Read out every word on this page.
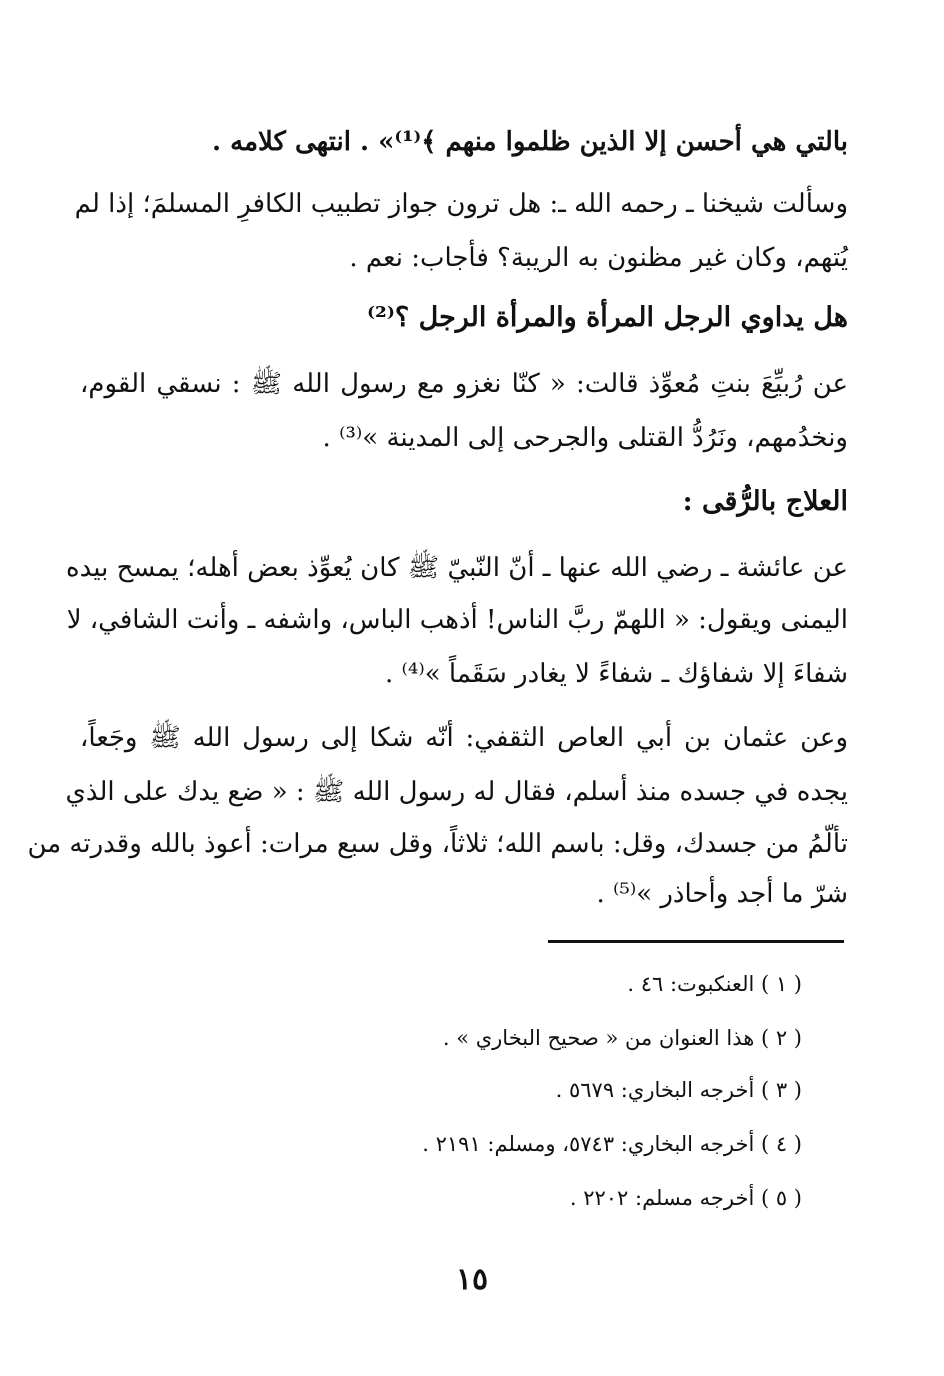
بالتي هي أحسن إلا الذين ظلموا منهم ﴾⁽¹⁾» . انتهى كلامه .
وسألت شيخنا ـ رحمه الله ـ: هل ترون جواز تطبيب الكافرِ المسلمَ؛ إذا لم
يُتهم، وكان غير مظنون به الريبة؟ فأجاب: نعم .
هل يداوي الرجل المرأة والمرأة الرجل ؟⁽²⁾
عن رُبيِّعَ بنتِ مُعوِّذ قالت: « كنّا نغزو مع رسول الله ﷺ : نسقي القوم،
ونخدُمهم، ونَرُدُّ القتلى والجرحى إلى المدينة »⁽³⁾ .
العلاج بالرُّقى :
عن عائشة ـ رضي الله عنها ـ أنّ النّبيّ ﷺ كان يُعوِّذ بعض أهله؛ يمسح بيده
اليمنى ويقول: « اللهمّ ربَّ الناس! أذهب الباس، واشفه ـ وأنت الشافي، لا
شفاءَ إلا شفاؤك ـ شفاءً لا يغادر سَقَماً »⁽⁴⁾ .
وعن عثمان بن أبي العاص الثقفي: أنّه شكا إلى رسول الله ﷺ وجَعاً،
يجده في جسده منذ أسلم، فقال له رسول الله ﷺ : « ضع يدك على الذي
تألّمُ من جسدك، وقل: باسم الله؛ ثلاثاً، وقل سبع مرات: أعوذ بالله وقدرته من
شرّ ما أجد وأحاذر »⁽⁵⁾ .
( ١ ) العنكبوت: ٤٦ .
( ٢ ) هذا العنوان من « صحيح البخاري » .
( ٣ ) أخرجه البخاري: ٥٦٧٩ .
( ٤ ) أخرجه البخاري: ٥٧٤٣، ومسلم: ٢١٩١ .
( ٥ ) أخرجه مسلم: ٢٢٠٢ .
١٥
